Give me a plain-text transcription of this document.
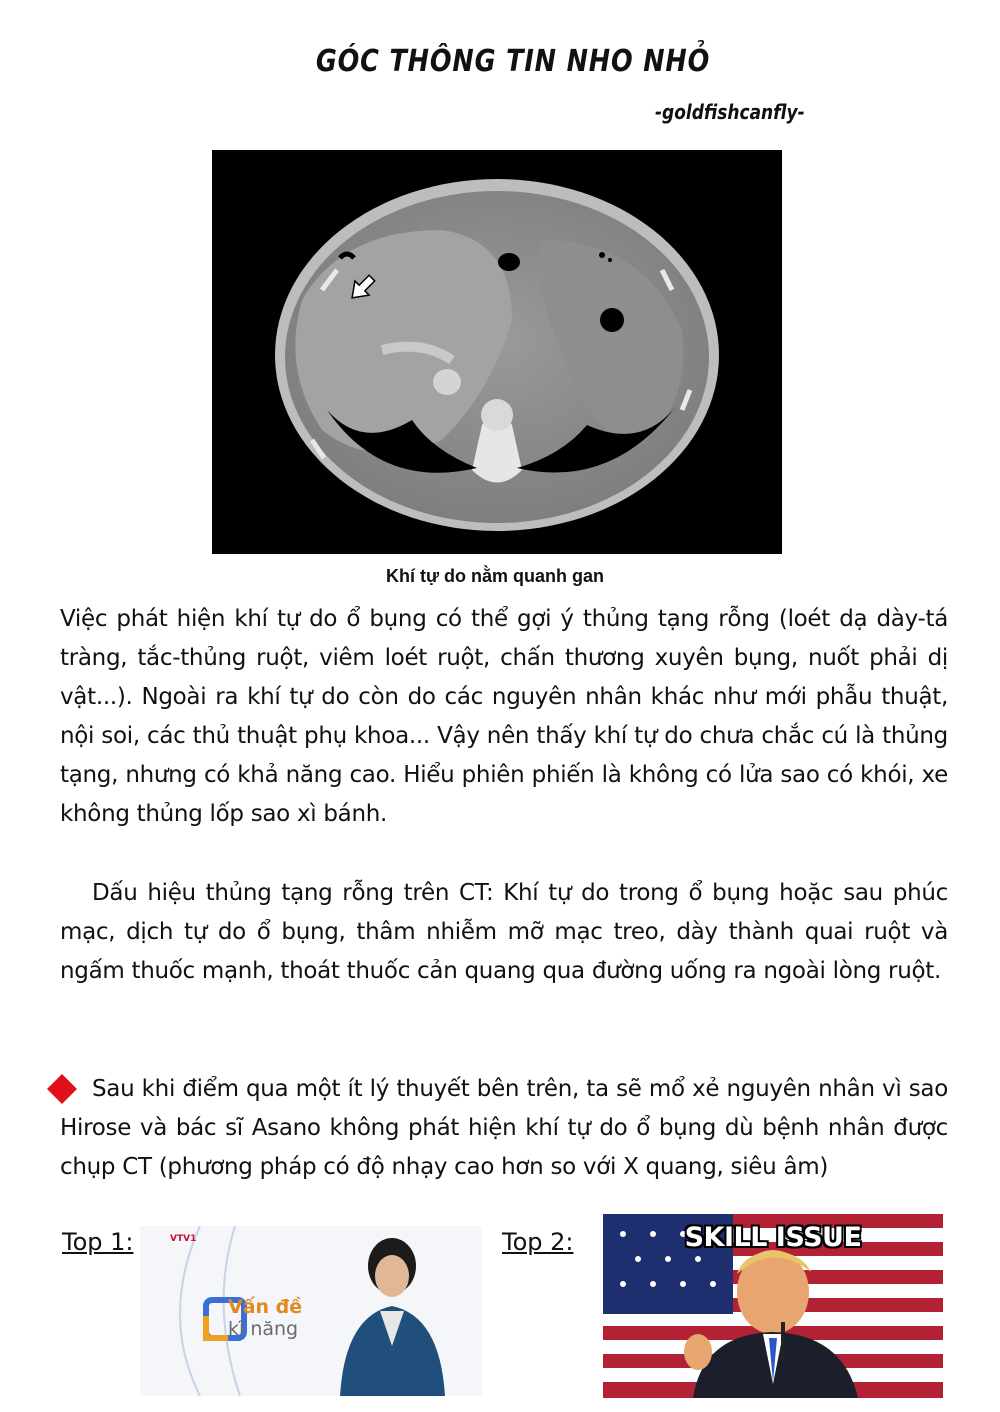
GÓC THÔNG TIN NHO NHỎ
-goldfishcanfly-
Khí tự do nằm quanh gan
Việc phát hiện khí tự do ổ bụng có thể gợi ý thủng tạng rỗng (loét dạ dày-tá tràng, tắc-thủng ruột, viêm loét ruột, chấn thương xuyên bụng, nuốt phải dị vật...). Ngoài ra khí tự do còn do các nguyên nhân khác như mới phẫu thuật, nội soi, các thủ thuật phụ khoa... Vậy nên thấy khí tự do chưa chắc cú là thủng tạng, nhưng có khả năng cao. Hiểu phiên phiến là không có lửa sao có khói, xe không thủng lốp sao xì bánh.
Dấu hiệu thủng tạng rỗng trên CT: Khí tự do trong ổ bụng hoặc sau phúc mạc, dịch tự do ổ bụng, thâm nhiễm mỡ mạc treo, dày thành quai ruột và ngấm thuốc mạnh, thoát thuốc cản quang qua đường uống ra ngoài lòng ruột.
Sau khi điểm qua một ít lý thuyết bên trên, ta sẽ mổ xẻ nguyên nhân vì sao Hirose và bác sĩ Asano không phát hiện khí tự do ổ bụng dù bệnh nhân được chụp CT (phương pháp có độ nhạy cao hơn so với X quang, siêu âm)
Top 1:	VTV1
Vấn đề
kĩ năng
Top 2:	SKILL ISSUE
